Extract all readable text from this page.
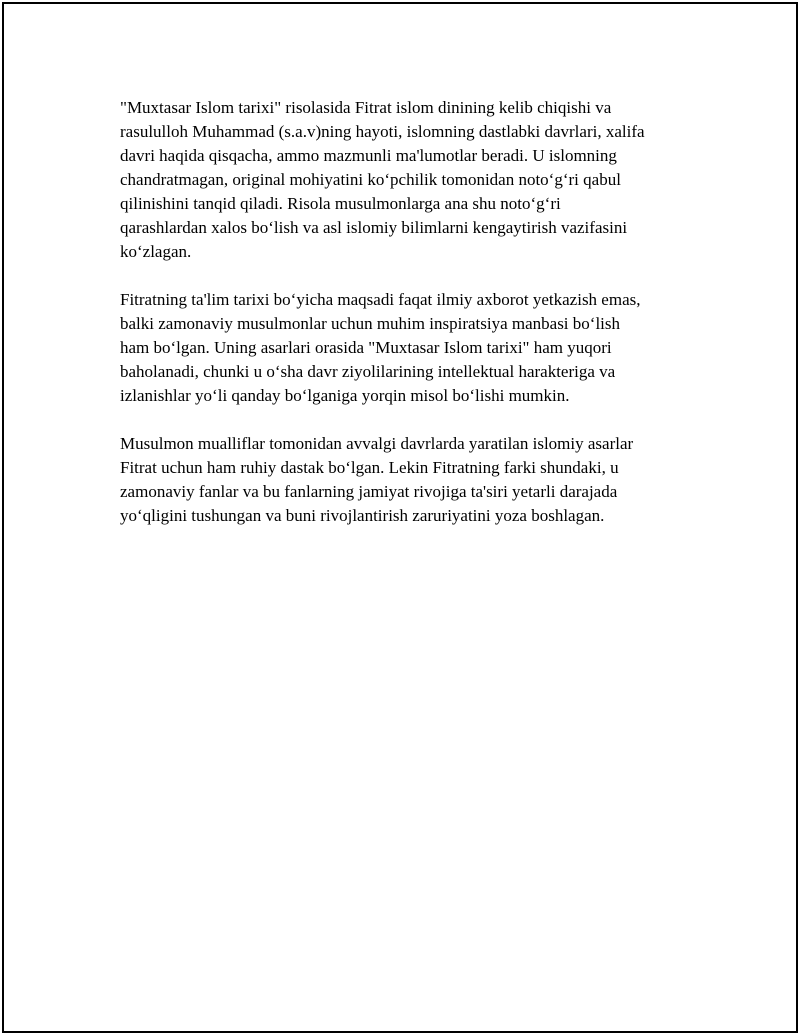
"Muxtasar Islom tarixi" risolasida Fitrat islom dinining kelib chiqishi va
rasululloh Muhammad (s.a.v)ning hayoti, islomning dastlabki davrlari, xalifa
davri haqida qisqacha, ammo mazmunli ma'lumotlar beradi. U islomning
chandratmagan, original mohiyatini ko‘pchilik tomonidan noto‘g‘ri qabul
qilinishini tanqid qiladi. Risola musulmonlarga ana shu noto‘g‘ri
qarashlardan xalos bo‘lish va asl islomiy bilimlarni kengaytirish vazifasini
ko‘zlagan.

Fitratning ta'lim tarixi bo‘yicha maqsadi faqat ilmiy axborot yetkazish emas,
balki zamonaviy musulmonlar uchun muhim inspiratsiya manbasi bo‘lish
ham bo‘lgan. Uning asarlari orasida "Muxtasar Islom tarixi" ham yuqori
baholanadi, chunki u o‘sha davr ziyolilarining intellektual harakteriga va
izlanishlar yo‘li qanday bo‘lganiga yorqin misol bo‘lishi mumkin.

Musulmon mualliflar tomonidan avvalgi davrlarda yaratilan islomiy asarlar
Fitrat uchun ham ruhiy dastak bo‘lgan. Lekin Fitratning farki shundaki, u
zamonaviy fanlar va bu fanlarning jamiyat rivojiga ta'siri yetarli darajada
yo‘qligini tushungan va buni rivojlantirish zaruriyatini yoza boshlagan.
